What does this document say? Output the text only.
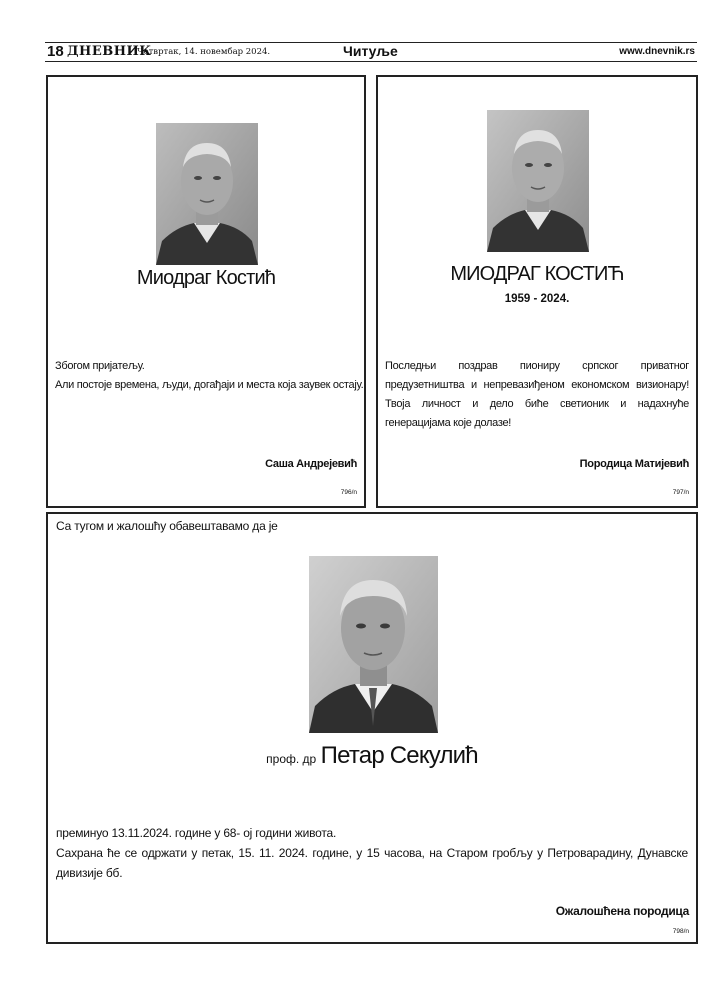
18 ДНЕВНИК
Четвртак, 14. новембар 2024.	Читуље	www.dnevnik.rs
Миодраг Костић
Збогом пријатељу.
Али постоје времена, људи, догађаји и места која заувек остају.
Саша Андрејевић
796/n
МИОДРАГ КОСТИЋ
1959 - 2024.
Последњи поздрав пиониру српског приватног предузетништва и непревазиђеном економском визионару! Твоја личност и дело биће светионик и надахнуће генерацијама које долазе!
Породица Матијевић
797/n
Са тугом и жалошћу обавештавамо да је
проф. др Петар Секулић
преминуо 13.11.2024. године у 68- ој години живота.
Сахрана ће се одржати у петак, 15. 11. 2024. године, у 15 часова, на Старом гробљу у Петроварадину, Дунавске дивизије бб.
Ожалошћена породица
798/n
